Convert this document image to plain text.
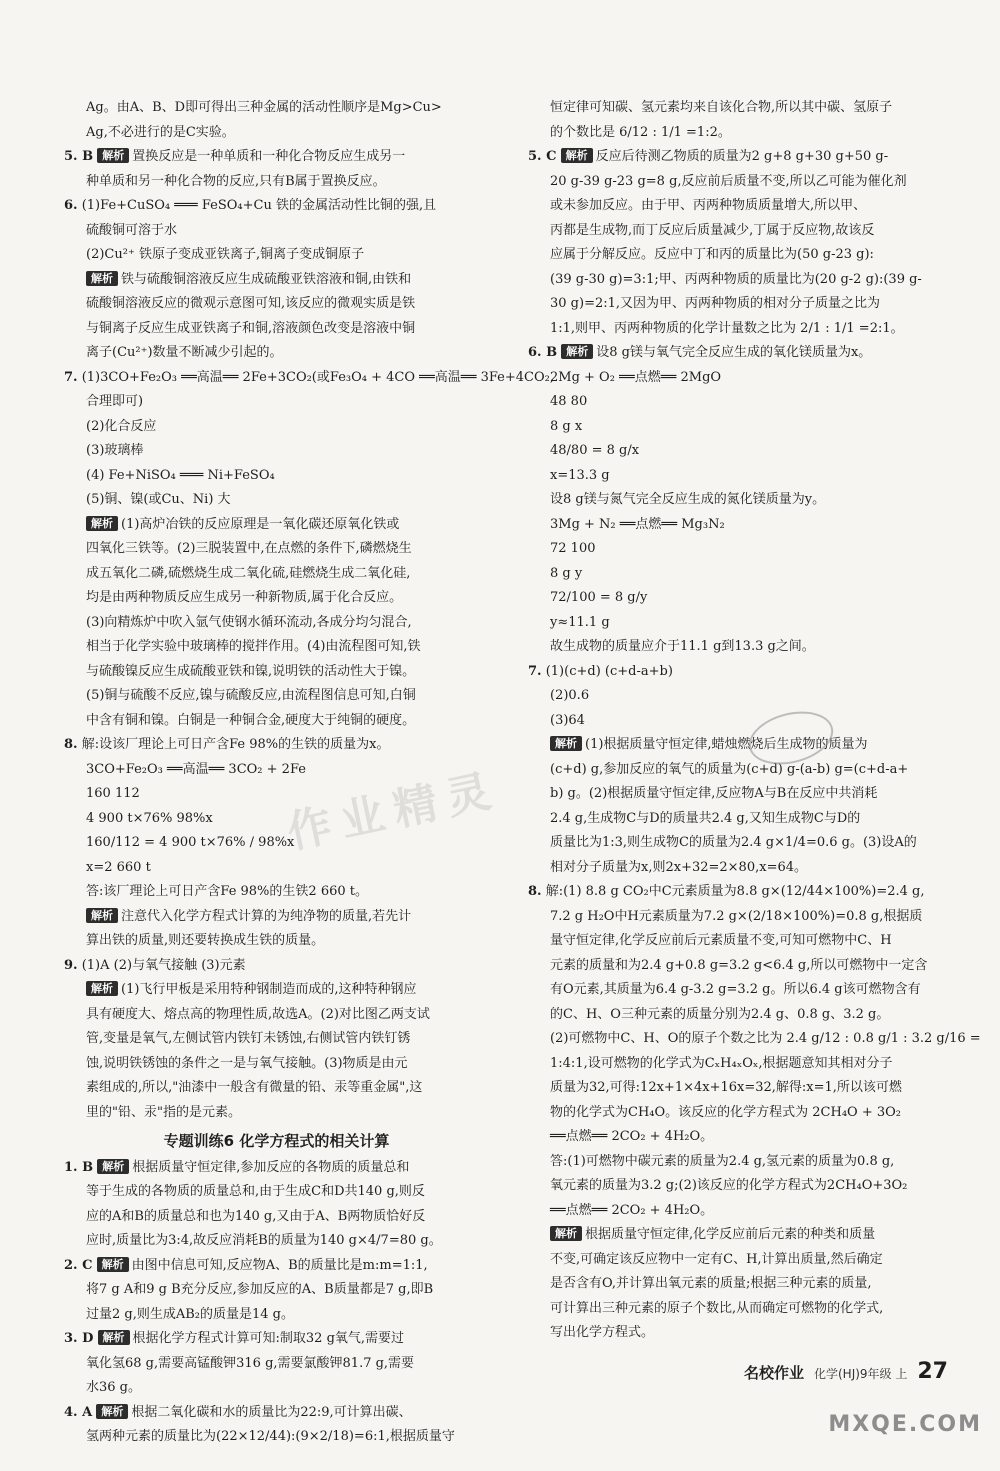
Ag。由A、B、D即可得出三种金属的活动性顺序是Mg>Cu>
Ag,不必进行的是C实验。
5. B 解析 置换反应是一种单质和一种化合物反应生成另一
种单质和另一种化合物的反应,只有B属于置换反应。
6. (1)Fe+CuSO₄ ═══ FeSO₄+Cu 铁的金属活动性比铜的强,且
硫酸铜可溶于水
(2)Cu²⁺ 铁原子变成亚铁离子,铜离子变成铜原子
解析 铁与硫酸铜溶液反应生成硫酸亚铁溶液和铜,由铁和
硫酸铜溶液反应的微观示意图可知,该反应的微观实质是铁
与铜离子反应生成亚铁离子和铜,溶液颜色改变是溶液中铜
离子(Cu²⁺)数量不断减少引起的。
7. (1)3CO+Fe₂O₃ ══高温══ 2Fe+3CO₂(或Fe₃O₄ + 4CO ══高温══ 3Fe+4CO₂,
合理即可)
(2)化合反应
(3)玻璃棒
(4) Fe+NiSO₄ ═══ Ni+FeSO₄
(5)铜、镍(或Cu、Ni) 大
解析 (1)高炉冶铁的反应原理是一氧化碳还原氧化铁或
四氧化三铁等。(2)三脱装置中,在点燃的条件下,磷燃烧生
成五氧化二磷,硫燃烧生成二氧化硫,硅燃烧生成二氧化硅,
均是由两种物质反应生成另一种新物质,属于化合反应。
(3)向精炼炉中吹入氩气使钢水循环流动,各成分均匀混合,
相当于化学实验中玻璃棒的搅拌作用。(4)由流程图可知,铁
与硫酸镍反应生成硫酸亚铁和镍,说明铁的活动性大于镍。
(5)铜与硫酸不反应,镍与硫酸反应,由流程图信息可知,白铜
中含有铜和镍。白铜是一种铜合金,硬度大于纯铜的硬度。
8. 解:设该厂理论上可日产含Fe 98%的生铁的质量为x。
3CO+Fe₂O₃ ══高温══ 3CO₂ + 2Fe
160 112
4 900 t×76% 98%x
160/112 = 4 900 t×76% / 98%x
x=2 660 t
答:该厂理论上可日产含Fe 98%的生铁2 660 t。
解析 注意代入化学方程式计算的为纯净物的质量,若先计
算出铁的质量,则还要转换成生铁的质量。
9. (1)A (2)与氧气接触 (3)元素
解析 (1)飞行甲板是采用特种钢制造而成的,这种特种钢应
具有硬度大、熔点高的物理性质,故选A。(2)对比图乙两支试
管,变量是氧气,左侧试管内铁钉未锈蚀,右侧试管内铁钉锈
蚀,说明铁锈蚀的条件之一是与氧气接触。(3)物质是由元
素组成的,所以,"油漆中一般含有微量的铅、汞等重金属",这
里的"铅、汞"指的是元素。
专题训练6 化学方程式的相关计算
1. B 解析 根据质量守恒定律,参加反应的各物质的质量总和
等于生成的各物质的质量总和,由于生成C和D共140 g,则反
应的A和B的质量总和也为140 g,又由于A、B两物质恰好反
应时,质量比为3:4,故反应消耗B的质量为140 g×4/7=80 g。
2. C 解析 由图中信息可知,反应物A、B的质量比是m:m=1:1,
将7 g A和9 g B充分反应,参加反应的A、B质量都是7 g,即B
过量2 g,则生成AB₂的质量是14 g。
3. D 解析 根据化学方程式计算可知:制取32 g氧气,需要过
氧化氢68 g,需要高锰酸钾316 g,需要氯酸钾81.7 g,需要
水36 g。
4. A 解析 根据二氧化碳和水的质量比为22:9,可计算出碳、
氢两种元素的质量比为(22×12/44):(9×2/18)=6:1,根据质量守
恒定律可知碳、氢元素均来自该化合物,所以其中碳、氢原子
的个数比是 6/12 : 1/1 =1:2。
5. C 解析 反应后待测乙物质的质量为2 g+8 g+30 g+50 g-
20 g-39 g-23 g=8 g,反应前后质量不变,所以乙可能为催化剂
或未参加反应。由于甲、丙两种物质质量增大,所以甲、
丙都是生成物,而丁反应后质量减少,丁属于反应物,故该反
应属于分解反应。反应中丁和丙的质量比为(50 g-23 g):
(39 g-30 g)=3:1;甲、丙两种物质的质量比为(20 g-2 g):(39 g-
30 g)=2:1,又因为甲、丙两种物质的相对分子质量之比为
1:1,则甲、丙两种物质的化学计量数之比为 2/1 : 1/1 =2:1。
6. B 解析 设8 g镁与氧气完全反应生成的氧化镁质量为x。
2Mg + O₂ ══点燃══ 2MgO
48 80
8 g x
48/80 = 8 g/x
x=13.3 g
设8 g镁与氮气完全反应生成的氮化镁质量为y。
3Mg + N₂ ══点燃══ Mg₃N₂
72 100
8 g y
72/100 = 8 g/y
y≈11.1 g
故生成物的质量应介于11.1 g到13.3 g之间。
7. (1)(c+d) (c+d-a+b)
(2)0.6
(3)64
解析 (1)根据质量守恒定律,蜡烛燃烧后生成物的质量为
(c+d) g,参加反应的氧气的质量为(c+d) g-(a-b) g=(c+d-a+
b) g。(2)根据质量守恒定律,反应物A与B在反应中共消耗
2.4 g,生成物C与D的质量共2.4 g,又知生成物C与D的
质量比为1:3,则生成物C的质量为2.4 g×1/4=0.6 g。(3)设A的
相对分子质量为x,则2x+32=2×80,x=64。
8. 解:(1) 8.8 g CO₂中C元素质量为8.8 g×(12/44×100%)=2.4 g,
7.2 g H₂O中H元素质量为7.2 g×(2/18×100%)=0.8 g,根据质
量守恒定律,化学反应前后元素质量不变,可知可燃物中C、H
元素的质量和为2.4 g+0.8 g=3.2 g<6.4 g,所以可燃物中一定含
有O元素,其质量为6.4 g-3.2 g=3.2 g。所以6.4 g该可燃物含有
的C、H、O三种元素的质量分别为2.4 g、0.8 g、3.2 g。
(2)可燃物中C、H、O的原子个数之比为 2.4 g/12 : 0.8 g/1 : 3.2 g/16 =
1:4:1,设可燃物的化学式为CₓH₄ₓOₓ,根据题意知其相对分子
质量为32,可得:12x+1×4x+16x=32,解得:x=1,所以该可燃
物的化学式为CH₄O。该反应的化学方程式为 2CH₄O + 3O₂
══点燃══ 2CO₂ + 4H₂O。
答:(1)可燃物中碳元素的质量为2.4 g,氢元素的质量为0.8 g,
氧元素的质量为3.2 g;(2)该反应的化学方程式为2CH₄O+3O₂
══点燃══ 2CO₂ + 4H₂O。
解析 根据质量守恒定律,化学反应前后元素的种类和质量
不变,可确定该反应物中一定有C、H,计算出质量,然后确定
是否含有O,并计算出氧元素的质量;根据三种元素的质量,
可计算出三种元素的原子个数比,从而确定可燃物的化学式,
写出化学方程式。
作业精灵
名校作业 化学(HJ)9年级 上 27
MXQE.COM
